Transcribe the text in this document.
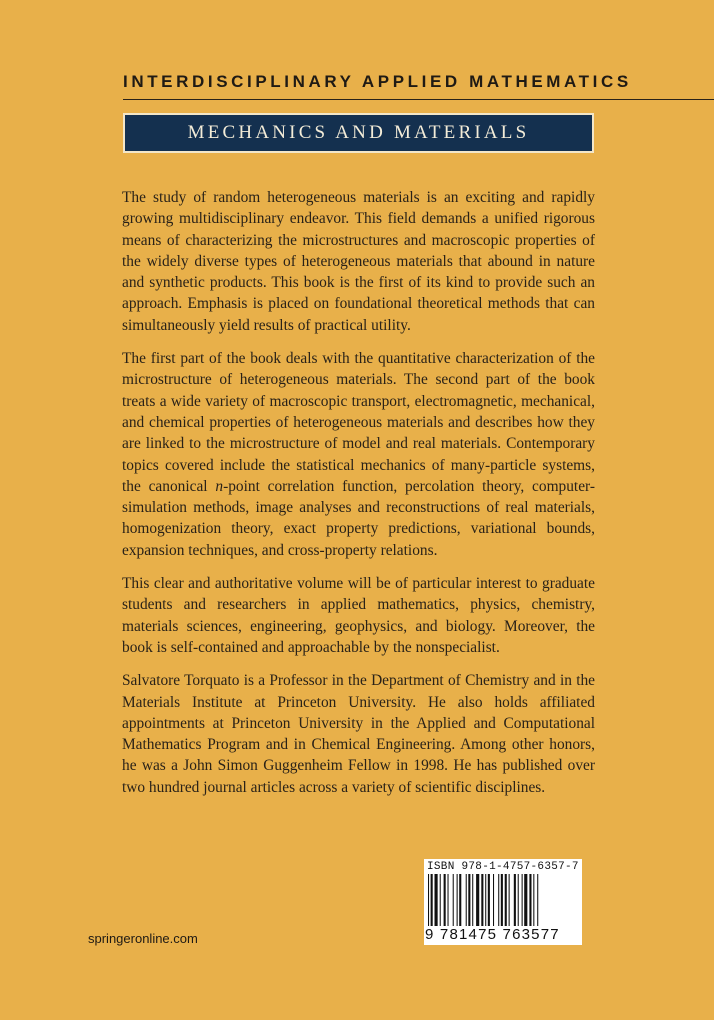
INTERDISCIPLINARY APPLIED MATHEMATICS
MECHANICS AND MATERIALS

The study of random heterogeneous materials is an exciting and rapidly growing multidisciplinary endeavor. This field demands a unified rigorous means of characterizing the microstructures and macroscopic properties of the widely diverse types of heterogeneous materials that abound in nature and synthetic products. This book is the first of its kind to provide such an approach. Emphasis is placed on foundational theoretical methods that can simultaneously yield results of practical utility.

The first part of the book deals with the quantitative characterization of the microstructure of heterogeneous materials. The second part of the book treats a wide variety of macroscopic transport, electromagnetic, mechanical, and chemical properties of heterogeneous materials and describes how they are linked to the microstructure of model and real materials. Contemporary topics covered include the statistical mechanics of many-particle systems, the canonical n-point correlation function, percolation theory, computer-simulation methods, image analyses and reconstructions of real materials, homogenization theory, exact property predictions, variational bounds, expansion techniques, and cross-property relations.

This clear and authoritative volume will be of particular interest to graduate students and researchers in applied mathematics, physics, chemistry, materials sciences, engineering, geophysics, and biology. Moreover, the book is self-contained and approachable by the nonspecialist.

Salvatore Torquato is a Professor in the Department of Chemistry and in the Materials Institute at Princeton University. He also holds affiliated appointments at Princeton University in the Applied and Computational Mathematics Program and in Chemical Engineering. Among other honors, he was a John Simon Guggenheim Fellow in 1998. He has published over two hundred journal articles across a variety of scientific disciplines.

ISBN 978-1-4757-6357-7
9 781475 763577
springeronline.com
